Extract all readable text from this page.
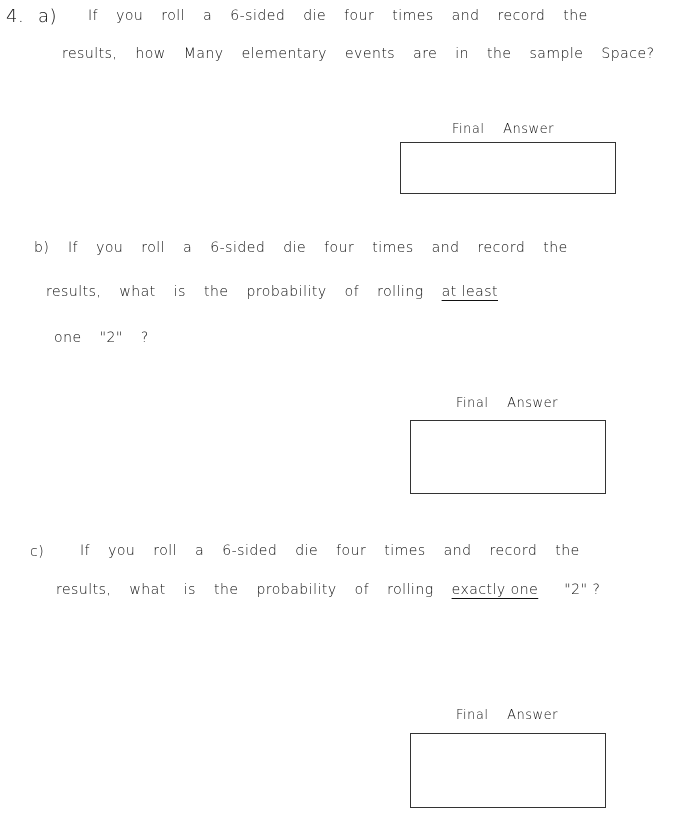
4. a) If you roll a 6-sided die four times and record the
results, how Many elementary events are in the sample Space?
Final Answer
b) If you roll a 6-sided die four times and record the
results, what is the probability of rolling at least
one "2" ?
Final Answer
c)	If you roll a 6-sided die four times and record the
results, what is the probability of rolling exactly one "2" ?
Final Answer
